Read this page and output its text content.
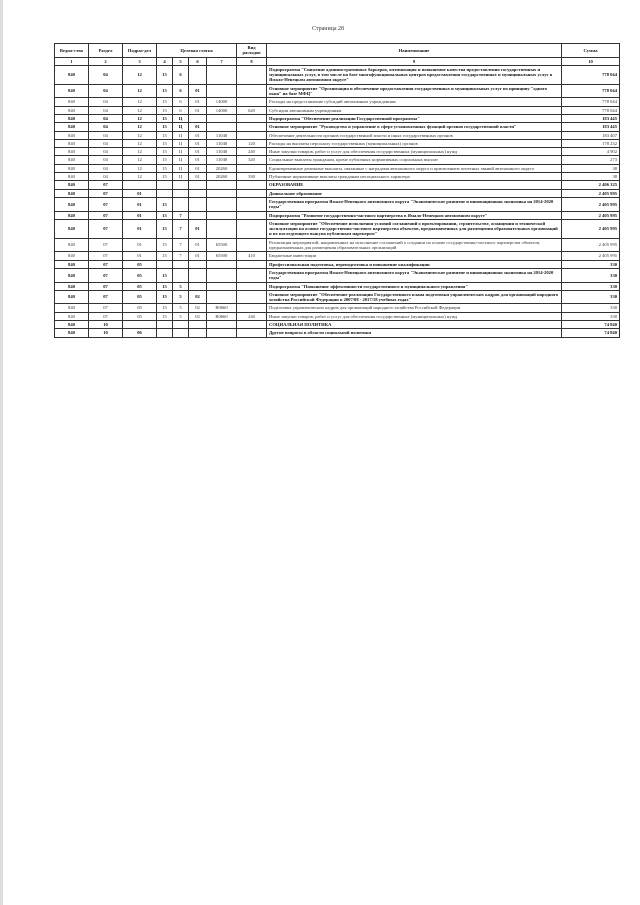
Страница 28
Ведом-ство	Раздел	Подраз-дел	Целевая статья				Вид расходов	Наименование	Сумма
1	2	3	4	5	6	7	8	9	10
840	04	12	15	6				Подпрограмма "Снижение административных барьеров, оптимизация и повышение качества предоставления государственных и муниципальных услуг, в том числе на базе многофункциональных центров предоставления государственных и муниципальных услуг в Ямало-Ненецком автономном округе"	778 044
840	04	12	15	6	01			Основное мероприятие "Организация и обеспечение предоставления государственных и муниципальных услуг по принципу "одного окна" на базе МФЦ"	778 044
840	04	12	15	6	01	14000		Расходы на предоставление субсидий автономным учреждениям	778 044
840	04	12	15	6	01	14000	620	Субсидии автономным учреждениям	778 044
840	04	12	15	Ц				Подпрограмма "Обеспечение реализации Государственной программы"	183 445
840	04	12	15	Ц	01			Основное мероприятие "Руководство и управление в сфере установленных функций органов государственной власти"	183 445
840	04	12	15	Ц	01	11040		Обеспечение деятельности органов государственной власти и иных государственных органов	183 407
840	04	12	15	Ц	01	11040	120	Расходы на выплаты персоналу государственных (муниципальных) органов	178 232
840	04	12	15	Ц	01	11040	240	Иные закупки товаров, работ и услуг для обеспечения государственных (муниципальных) нужд	4 902
840	04	12	15	Ц	01	11040	320	Социальные выплаты гражданам, кроме публичных нормативных социальных выплат	273
840	04	12	15	Ц	01	20260		Единовременные денежные выплаты, связанные с наградами автономного округа и присвоением почетных званий автономного округа	38
840	04	12	15	Ц	01	20260	330	Публичные нормативные выплаты гражданам несоциального характера	38
840	07							ОБРАЗОВАНИЕ	2 406 325
840	07	01						Дошкольное образование	2 405 995
840	07	01	15					Государственная программа Ямало-Ненецкого автономного округа "Экономическое развитие и инновационная экономика на 2014-2020 годы"	2 405 995
840	07	01	15	7				Подпрограмма "Развитие государственно-частного партнерства в Ямало-Ненецком автономном округе"	2 405 995
840	07	01	15	7	01			Основное мероприятие "Обеспечение исполнения условий соглашений о проектировании, строительстве, оснащении и технической эксплуатации на основе государственно-частного партнерства объектов, предназначенных для размещения образовательных организаций и их последующего выкупа публичным партнером"	2 405 995
840	07	01	15	7	01	65500		Реализация мероприятий, направленных на исполнение соглашений о создании на основе государственно-частного партнерства объектов, предназначенных для размещения образовательных организаций	2 405 995
840	07	01	15	7	01	65500	410	Бюджетные инвестиции	2 405 995
840	07	05						Профессиональная подготовка, переподготовка и повышение квалификации	330
840	07	05	15					Государственная программа Ямало-Ненецкого автономного округа "Экономическое развитие и инновационная экономика на 2014-2020 годы"	330
840	07	05	15	5				Подпрограмма "Повышение эффективности государственного и муниципального управления"	330
840	07	05	15	5	02			Основное мероприятие "Обеспечение реализации Государственного плана подготовки управленческих кадров для организаций народного хозяйства Российской Федерации в 2007/08 - 2017/18 учебных годах"	330
840	07	05	15	5	02	R0660		Подготовка управленческих кадров для организаций народного хозяйства Российской Федерации	330
840	07	05	15	5	02	R0660	240	Иные закупки товаров, работ и услуг для обеспечения государственных (муниципальных) нужд	330
840	10							СОЦИАЛЬНАЯ ПОЛИТИКА	74 840
840	10	06						Другие вопросы в области социальной политики	74 840
